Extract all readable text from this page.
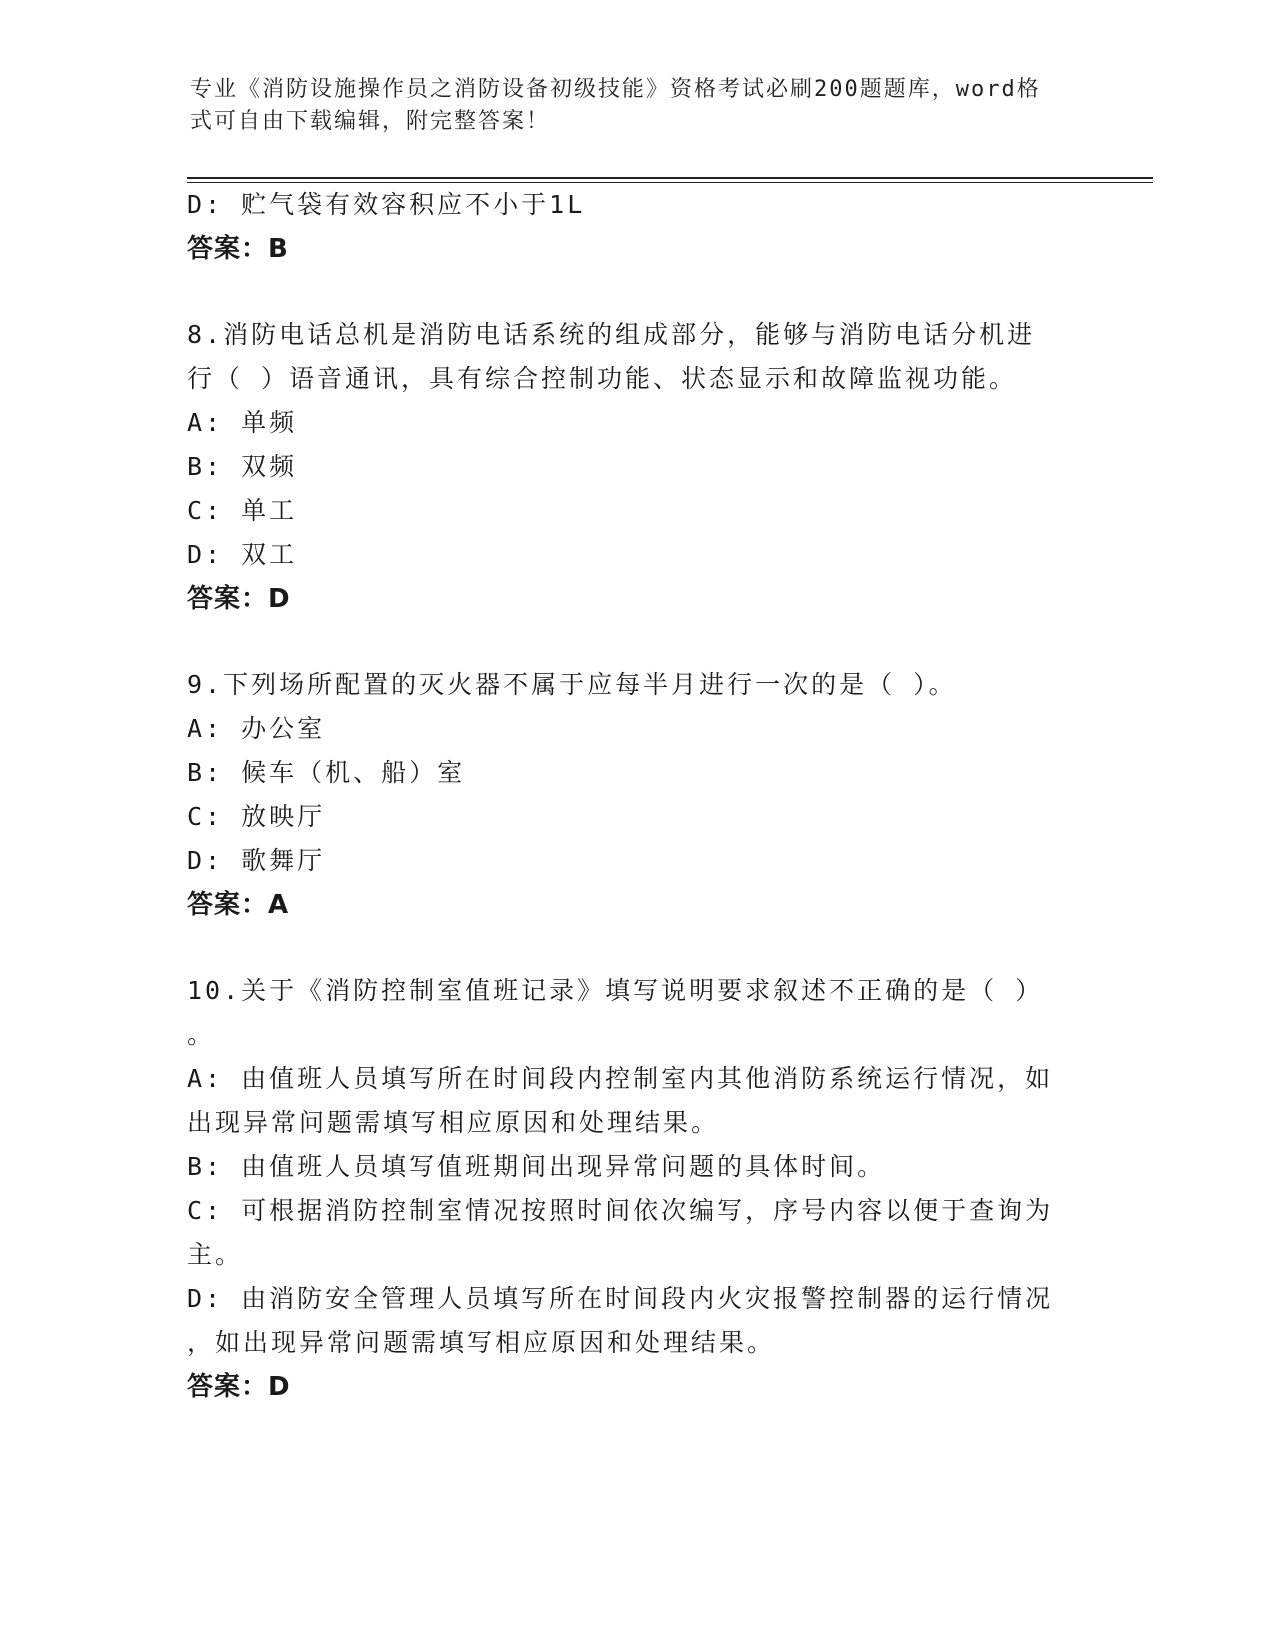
专业《消防设施操作员之消防设备初级技能》资格考试必刷200题题库，word格
式可自由下载编辑，附完整答案！
D: 贮气袋有效容积应不小于1L
答案：B
8.消防电话总机是消防电话系统的组成部分，能够与消防电话分机进
行（ ）语音通讯，具有综合控制功能、状态显示和故障监视功能。
A: 单频
B: 双频
C: 单工
D: 双工
答案：D
9.下列场所配置的灭火器不属于应每半月进行一次的是（ ）。
A: 办公室
B: 候车（机、船）室
C: 放映厅
D: 歌舞厅
答案：A
10.关于《消防控制室值班记录》填写说明要求叙述不正确的是（ ）
。
A: 由值班人员填写所在时间段内控制室内其他消防系统运行情况，如
出现异常问题需填写相应原因和处理结果。
B: 由值班人员填写值班期间出现异常问题的具体时间。
C: 可根据消防控制室情况按照时间依次编写，序号内容以便于查询为
主。
D: 由消防安全管理人员填写所在时间段内火灾报警控制器的运行情况
，如出现异常问题需填写相应原因和处理结果。
答案：D
